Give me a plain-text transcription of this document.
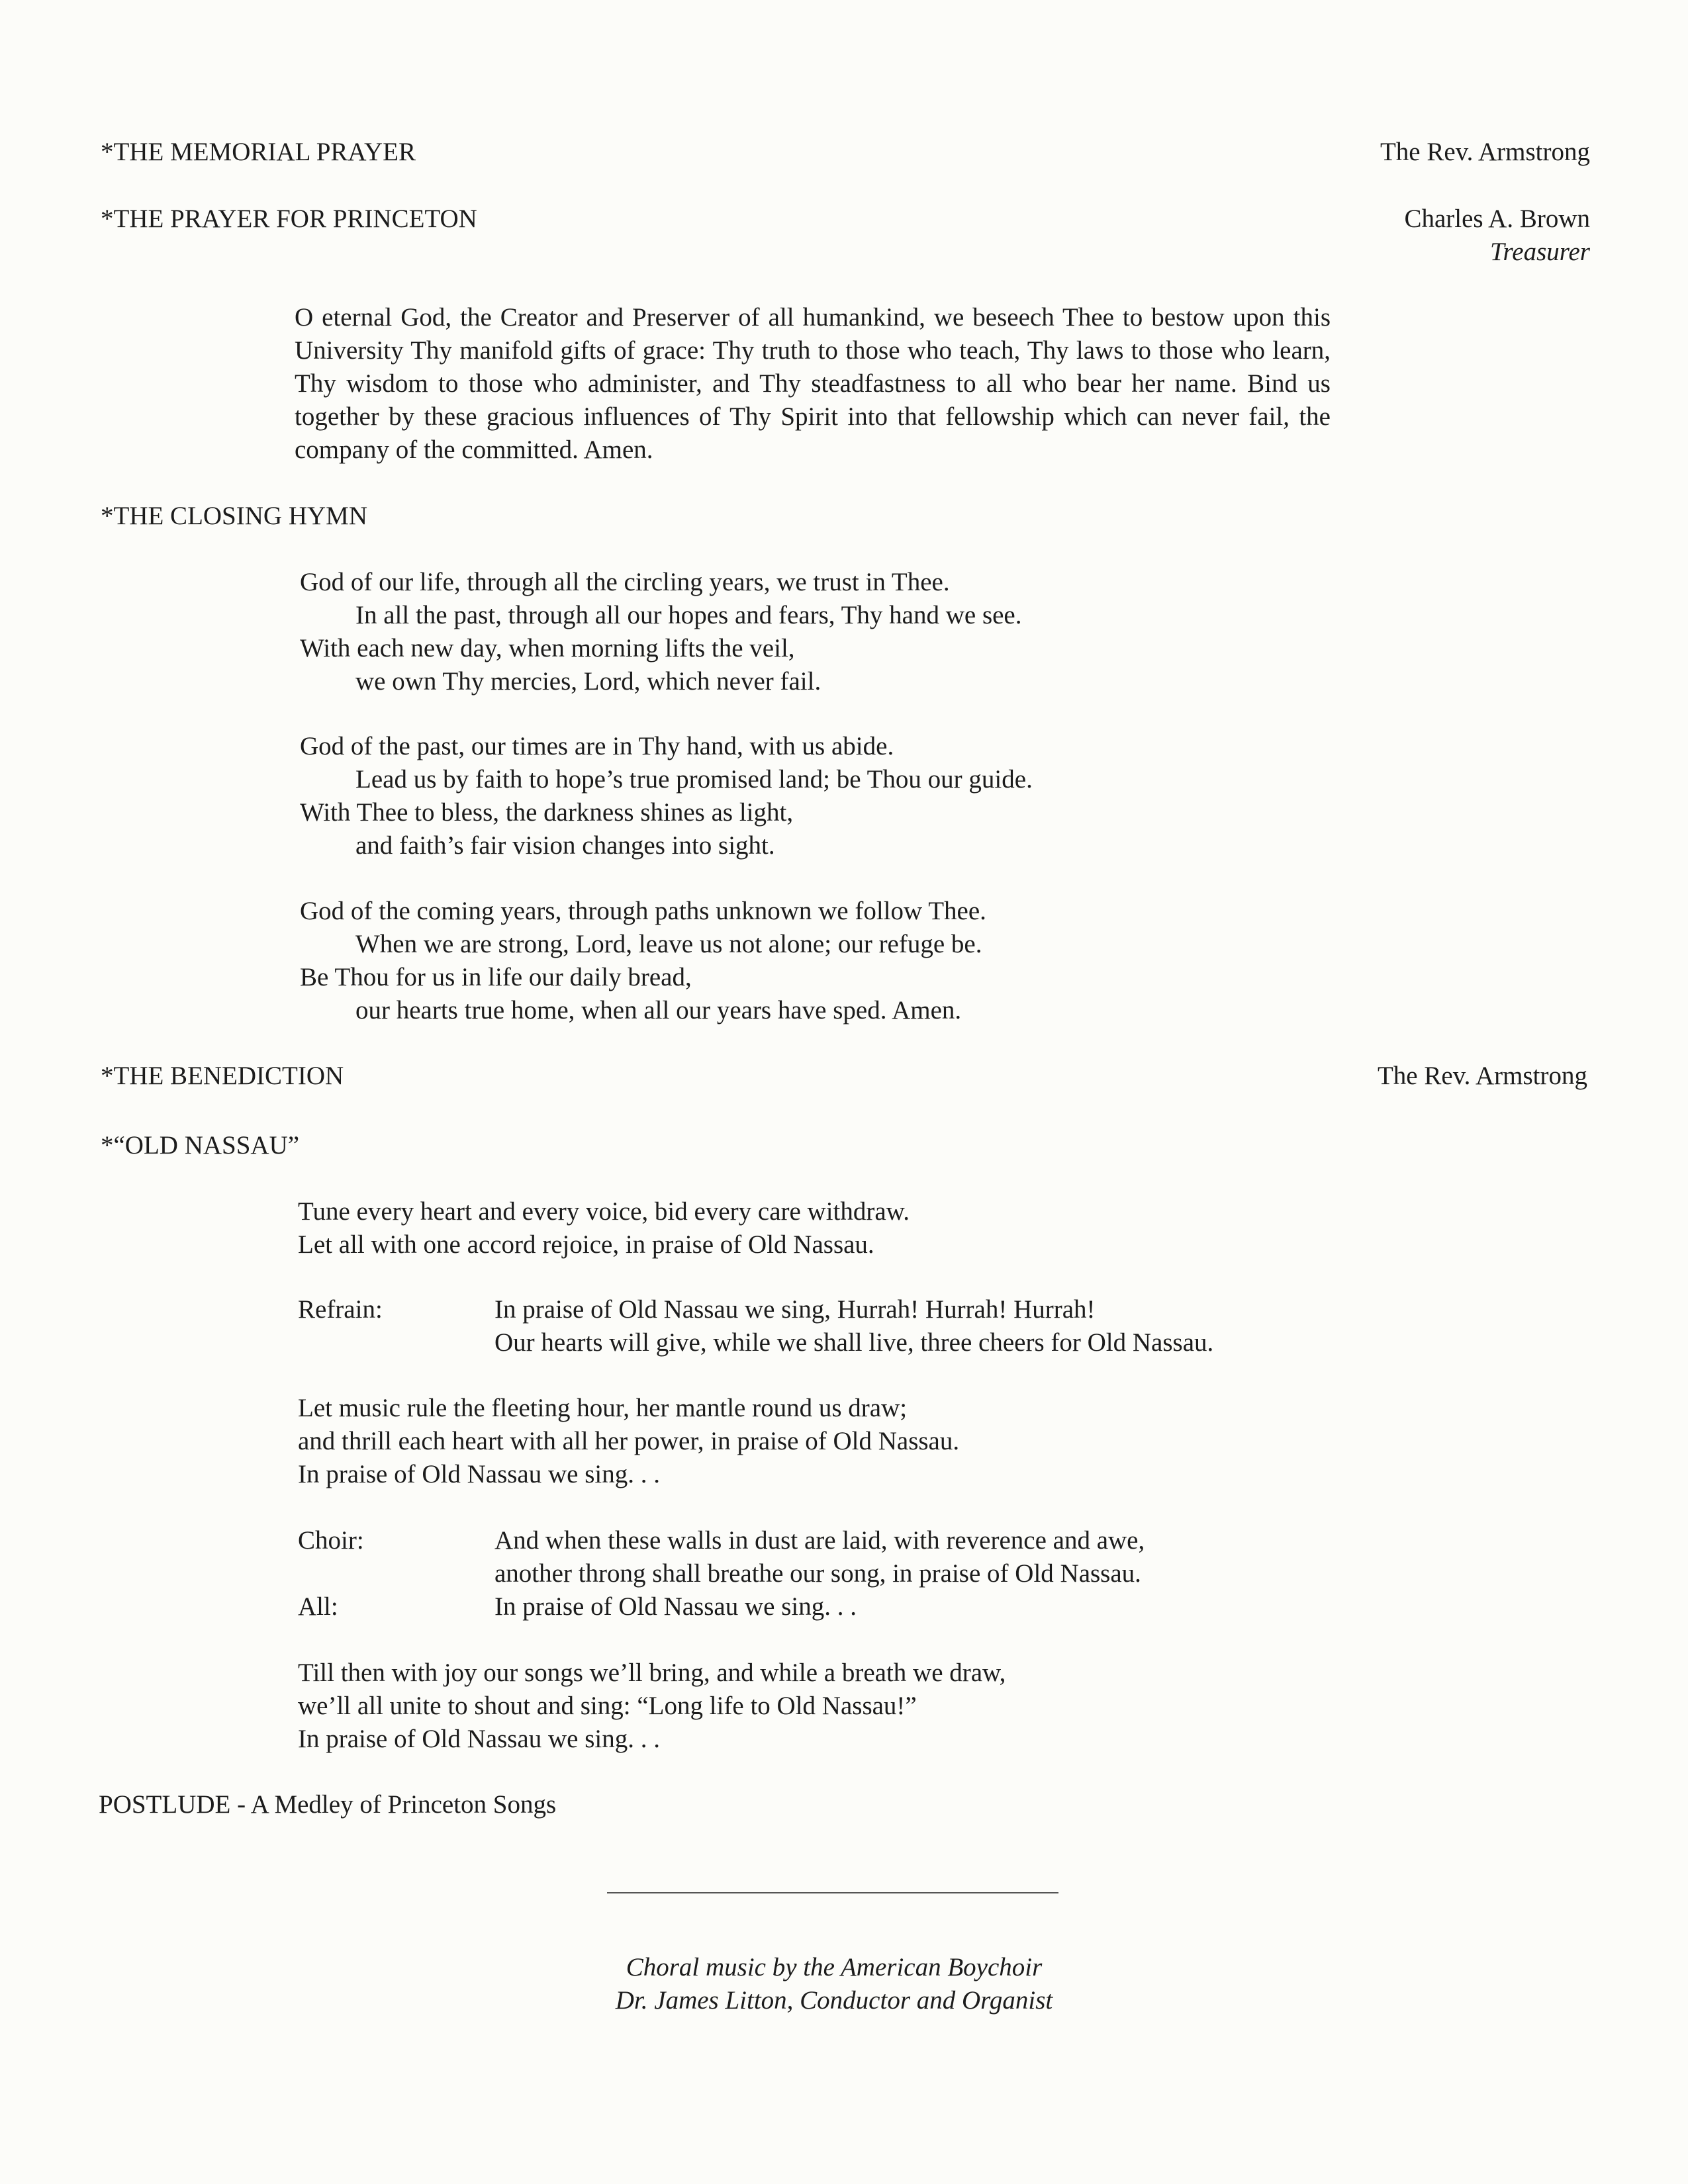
*THE MEMORIAL PRAYER	The Rev. Armstrong
*THE PRAYER FOR PRINCETON	Charles A. Brown
Treasurer
O eternal God, the Creator and Preserver of all humankind, we beseech Thee to bestow upon this University Thy manifold gifts of grace: Thy truth to those who teach, Thy laws to those who learn, Thy wisdom to those who administer, and Thy steadfastness to all who bear her name. Bind us together by these gracious influences of Thy Spirit into that fellowship which can never fail, the company of the committed. Amen.
*THE CLOSING HYMN
God of our life, through all the circling years, we trust in Thee.
In all the past, through all our hopes and fears, Thy hand we see.
With each new day, when morning lifts the veil,
we own Thy mercies, Lord, which never fail.
God of the past, our times are in Thy hand, with us abide.
Lead us by faith to hope’s true promised land; be Thou our guide.
With Thee to bless, the darkness shines as light,
and faith’s fair vision changes into sight.
God of the coming years, through paths unknown we follow Thee.
When we are strong, Lord, leave us not alone; our refuge be.
Be Thou for us in life our daily bread,
our hearts true home, when all our years have sped. Amen.
*THE BENEDICTION	The Rev. Armstrong
*“OLD NASSAU”
Tune every heart and every voice, bid every care withdraw.
Let all with one accord rejoice, in praise of Old Nassau.
Refrain:	In praise of Old Nassau we sing, Hurrah! Hurrah! Hurrah!
Our hearts will give, while we shall live, three cheers for Old Nassau.
Let music rule the fleeting hour, her mantle round us draw;
and thrill each heart with all her power, in praise of Old Nassau.
In praise of Old Nassau we sing. . .
Choir:	And when these walls in dust are laid, with reverence and awe,
another throng shall breathe our song, in praise of Old Nassau.
All:	In praise of Old Nassau we sing. . .
Till then with joy our songs we’ll bring, and while a breath we draw,
we’ll all unite to shout and sing: “Long life to Old Nassau!”
In praise of Old Nassau we sing. . .
POSTLUDE - A Medley of Princeton Songs
Choral music by the American Boychoir
Dr. James Litton, Conductor and Organist
